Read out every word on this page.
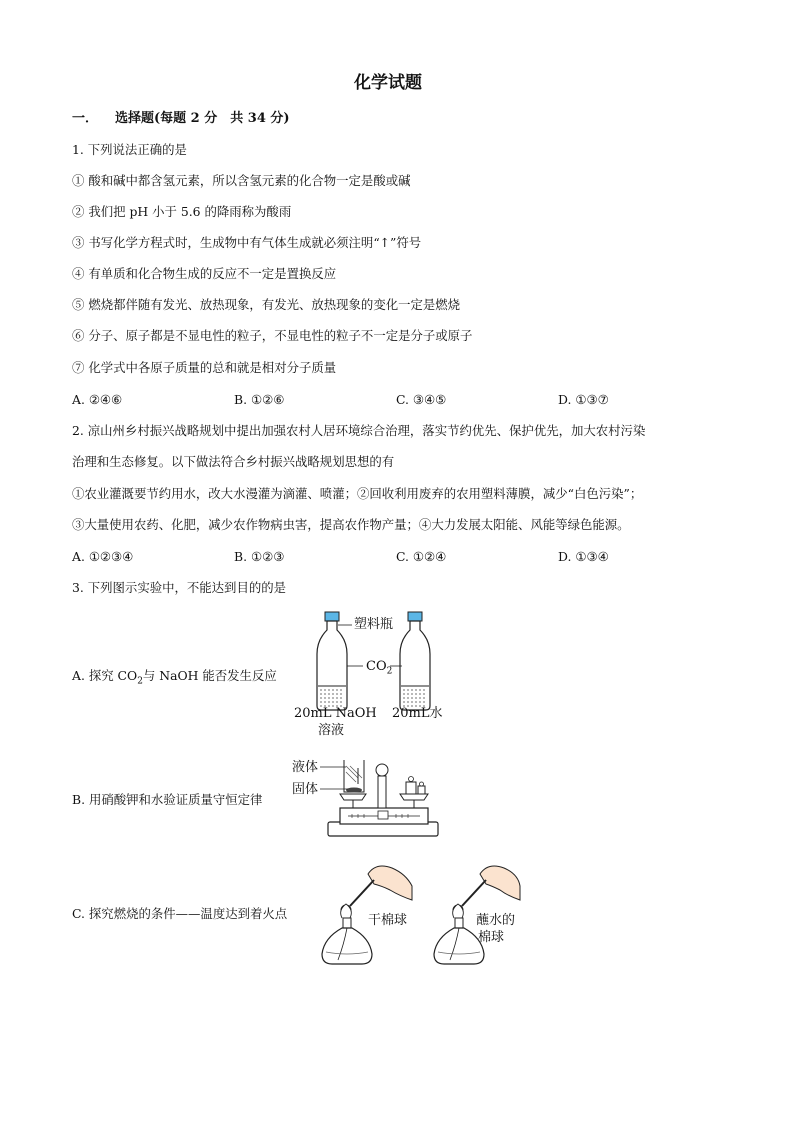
化学试题
一． 选择题(每题 2 分　共 34 分)
1. 下列说法正确的是
① 酸和碱中都含氢元素，所以含氢元素的化合物一定是酸或碱
② 我们把 pH 小于 5.6 的降雨称为酸雨
③ 书写化学方程式时，生成物中有气体生成就必须注明“↑”符号
④ 有单质和化合物生成的反应不一定是置换反应
⑤ 燃烧都伴随有发光、放热现象，有发光、放热现象的变化一定是燃烧
⑥ 分子、原子都是不显电性的粒子，不显电性的粒子不一定是分子或原子
⑦ 化学式中各原子质量的总和就是相对分子质量
A. ②④⑥	B. ①②⑥	C. ③④⑤	D. ①③⑦
2. 凉山州乡村振兴战略规划中提出加强农村人居环境综合治理，落实节约优先、保护优先，加大农村污染
治理和生态修复。以下做法符合乡村振兴战略规划思想的有
①农业灌溉要节约用水，改大水漫灌为滴灌、喷灌；②回收利用废弃的农用塑料薄膜，减少“白色污染”；
③大量使用农药、化肥，减少农作物病虫害，提高农作物产量；④大力发展太阳能、风能等绿色能源。
A. ①②③④	B. ①②③	C. ①②④	D. ①③④
3. 下列图示实验中，不能达到目的的是
A. 探究 $CO_2$与 NaOH 能否发生反应
塑料瓶
$CO_2$
20mL NaOH
溶液
20mL水
B. 用硝酸钾和水验证质量守恒定律
液体
固体
C. 探究燃烧的条件——温度达到着火点	干棉球	蘸水的
棉球
